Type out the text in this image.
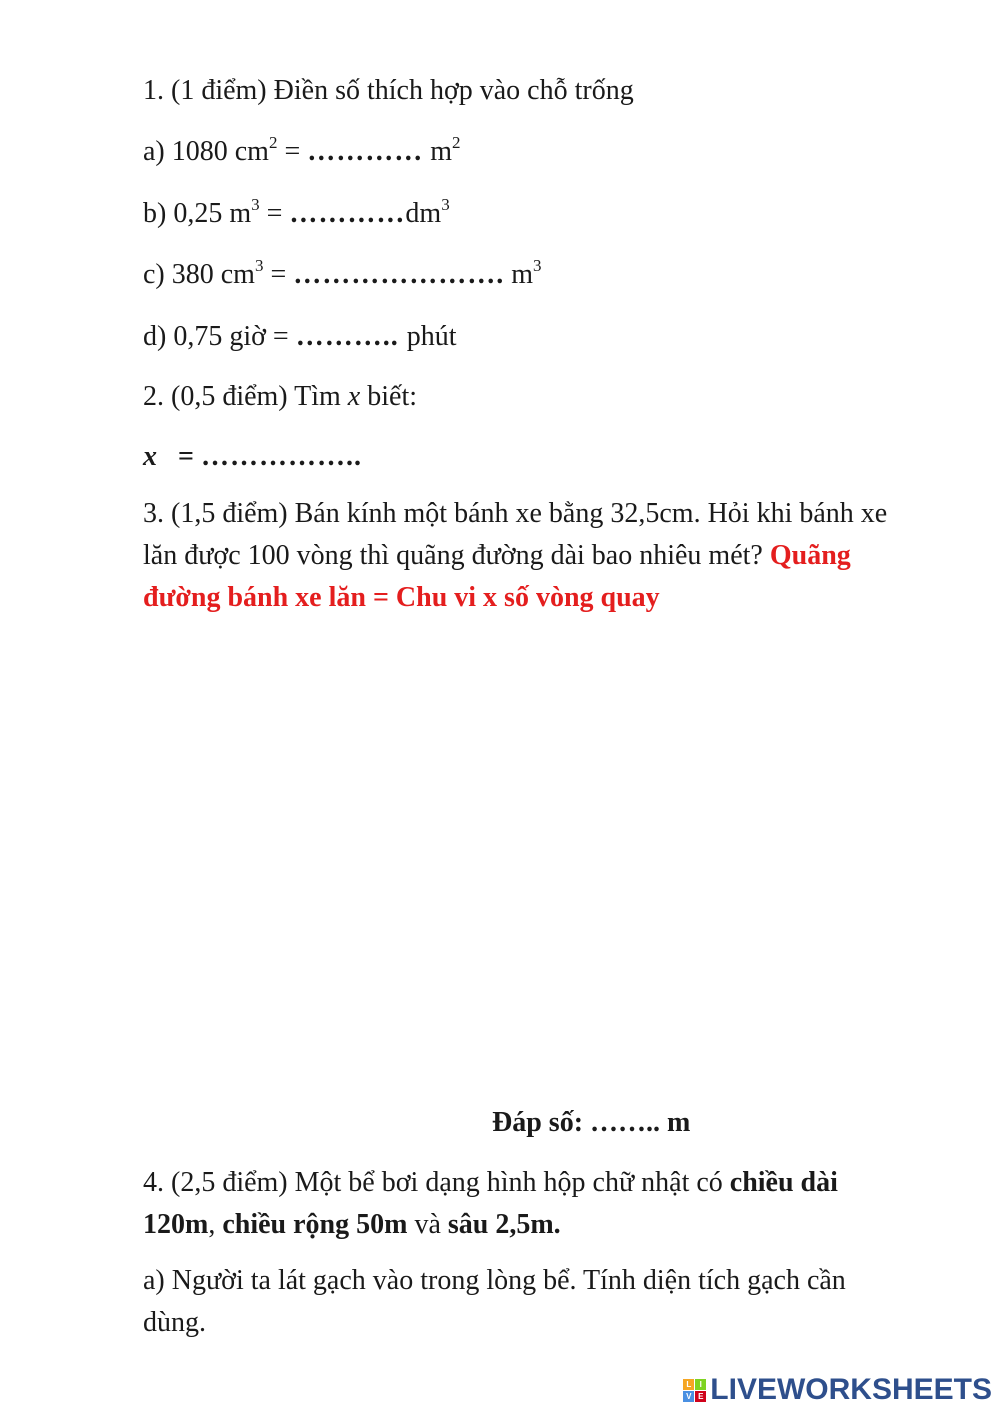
1. (1 điểm) Điền số thích hợp vào chỗ trống
a) 1080 $cm^2$ = ………… $m^2$
b) 0,25 $m^3$ = $\dots\dots\dots\dots dm^3$
c) 380 $cm^3$ = …………………. $m^3$
d) 0,75 giờ = ……….. phút
2. (0,5 điểm) Tìm x biết:
x   = ……………..
3. (1,5 điểm) Bán kính một bánh xe bằng 32,5cm. Hỏi khi bánh xe lăn được 100 vòng thì quãng đường dài bao nhiêu mét? Quãng đường bánh xe lăn = Chu vi x số vòng quay
Đáp số: …….. m
4. (2,5 điểm) Một bể bơi dạng hình hộp chữ nhật có chiều dài 120m, chiều rộng 50m và sâu 2,5m.
a) Người ta lát gạch vào trong lòng bể. Tính diện tích gạch cần dùng.
L	I
V E LIVEWORKSHEETS
